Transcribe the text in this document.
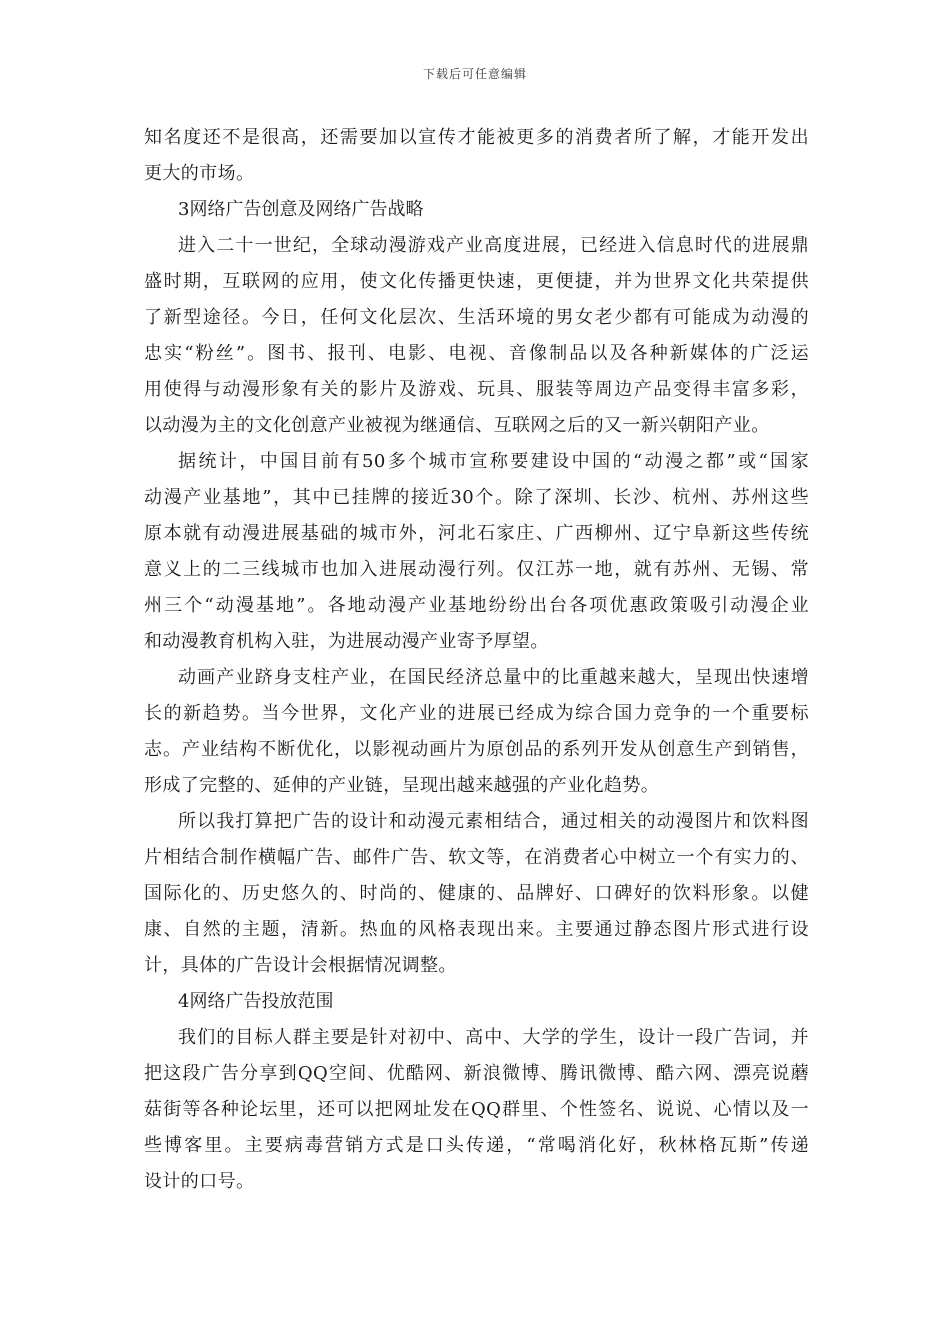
下载后可任意编辑
知名度还不是很高，还需要加以宣传才能被更多的消费者所了解，才能开发出
更大的市场。
3网络广告创意及网络广告战略
进入二十一世纪，全球动漫游戏产业高度进展，已经进入信息时代的进展鼎
盛时期，互联网的应用，使文化传播更快速，更便捷，并为世界文化共荣提供
了新型途径。今日，任何文化层次、生活环境的男女老少都有可能成为动漫的
忠实“粉丝”。图书、报刊、电影、电视、音像制品以及各种新媒体的广泛运
用使得与动漫形象有关的影片及游戏、玩具、服装等周边产品变得丰富多彩，
以动漫为主的文化创意产业被视为继通信、互联网之后的又一新兴朝阳产业。
据统计，中国目前有50多个城市宣称要建设中国的“动漫之都”或“国家
动漫产业基地”，其中已挂牌的接近30个。除了深圳、长沙、杭州、苏州这些
原本就有动漫进展基础的城市外，河北石家庄、广西柳州、辽宁阜新这些传统
意义上的二三线城市也加入进展动漫行列。仅江苏一地，就有苏州、无锡、常
州三个“动漫基地”。各地动漫产业基地纷纷出台各项优惠政策吸引动漫企业
和动漫教育机构入驻，为进展动漫产业寄予厚望。
动画产业跻身支柱产业，在国民经济总量中的比重越来越大，呈现出快速增
长的新趋势。当今世界，文化产业的进展已经成为综合国力竞争的一个重要标
志。产业结构不断优化，以影视动画片为原创品的系列开发从创意生产到销售，
形成了完整的、延伸的产业链，呈现出越来越强的产业化趋势。
所以我打算把广告的设计和动漫元素相结合，通过相关的动漫图片和饮料图
片相结合制作横幅广告、邮件广告、软文等，在消费者心中树立一个有实力的、
国际化的、历史悠久的、时尚的、健康的、品牌好、口碑好的饮料形象。以健
康、自然的主题，清新。热血的风格表现出来。主要通过静态图片形式进行设
计，具体的广告设计会根据情况调整。
4网络广告投放范围
我们的目标人群主要是针对初中、高中、大学的学生，设计一段广告词，并
把这段广告分享到QQ空间、优酷网、新浪微博、腾讯微博、酷六网、漂亮说蘑
菇街等各种论坛里，还可以把网址发在QQ群里、个性签名、说说、心情以及一
些博客里。主要病毒营销方式是口头传递，“常喝消化好，秋林格瓦斯”传递
设计的口号。
